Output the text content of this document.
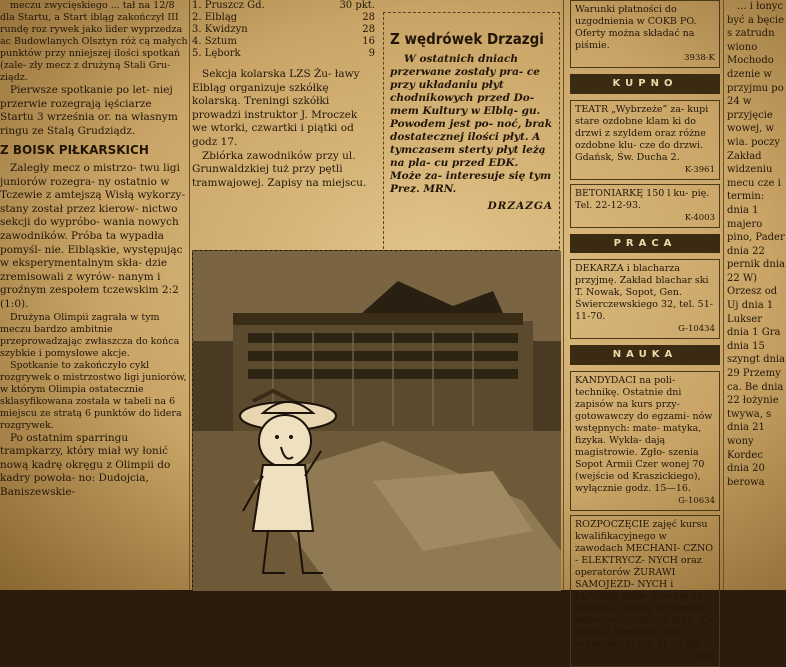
meczu zwycięskiego ... tał na 12/8 dla Startu, a Start ibląg zakończył III rundę roz rywek jako lider wyprzedza ac Budowlanych Olsztyn róż cą małych punktów przy nniejszej ilości spotkań (zale- zły mecz z drużyną Stali Gru- ziądz.

Pierwsze spotkanie po let- niej przerwie rozegrają ięściarze Startu 3 września or. na własnym ringu ze Stalą Grudziądz.

Z BOISK PIŁKARSKICH

Zaległy mecz o mistrzo- twu ligi juniorów rozegra- ny ostatnio w Tczewie z amtejszą Wisłą wykorzy- stany został przez kierow- nictwo sekcji do wypróbo- wania nowych zawodników. Próba ta wypadła pomyśl- nie. Elbląskie, występując w eksperymentalnym skła- dzie zremisowali z wyrów- nanym i groźnym zespołem tczewskim 2:2 (1:0).

Drużyna Olimpii zagrała w tym meczu bardzo ambitnie przeprowadzając zwłaszcza do końca szybkie i pomysłowe akcje.

Spotkanie to zakończyło cykl rozgrywek o mistrzostwo ligi juniorów, w którym Olimpia ostatecznie sklasyfikowana została w tabeli na 6 miejscu ze stratą 6 punktów do lidera rozgrywek.

Po ostatnim sparringu trampkarzy, który miał wy łonić nową kadrę okręgu z Olimpii do kadry powoła- no: Dudojcia, Baniszewskie-

1. Pruszcz Gd.	30 pkt.
2. Elbląg	28
3. Kwidzyn	28
4. Sztum	16
5. Lębork	9

Sekcja kolarska LZS Żu- ławy Elbląg organizuje szkółkę kolarską. Treningi szkółki prowadzi instruktor J. Mroczek we wtorki, czwartki i piątki od godz 17.

Zbiórka zawodników przy ul. Grunwaldzkiej tuż przy pętli tramwajowej. Zapisy na miejscu.

Z wędrówek Drzazgi

W ostatnich dniach przerwane zostały pra- ce przy układaniu płyt chodnikowych przed Do- mem Kultury w Elblą- gu. Powodem jest po- noć, brak dostatecznej ilości płyt. A tymczasem sterty płyt leżą na pla- cu przed EDK. Może za- interesuje się tym Prez. MRN.

DRZAZGA
Warunki płatności do uzgodnienia w COKB PO. Oferty można składać na piśmie.
3938-K
KUPNO
TEATR „Wybrzeże” za- kupi stare ozdobne klam ki do drzwi z szyldem oraz różne ozdobne klu- cze do drzwi. Gdańsk, Św. Ducha 2.
K-3961
BETONIARKĘ 150 l ku- pię. Tel. 22-12-93.
K-4003
PRACA
DEKARZA i blacharza przyjmę. Zakład blachar ski T. Nowak, Sopot, Gen. Świerczewskiego 32, tel. 51-11-70.
G-10434
NAUKA
KANDYDACI na poli- technikę. Ostatnie dni zapisów na kurs przy- gotowawczy do egzami- nów wstępnych: mate- matyka, fizyka. Wykła- dają magistrowie. Zgło- szenia Sopot Armii Czer wonej 70 (wejście od Kraszickiego), wyłącznie godz. 15—16.
G-10634
ROZPOCZĘCIE zajęć kursu kwalifikacyjnego w zawodach MECHANI- CZNO - ELEKTRYCZ- NYCH oraz operatorów ŻURAWI SAMOJEZD- NYCH i SUWNIC odbę- dzie się 15 czerwca. Zapisy przyjmuje i infor- macji udziela WZS „O- światа” Wrzeszcz, Wa- ryńskiego 4, tel. 41-21-82.
K-3900

... i łonyc być a bęcie s zatrudn wiono Mochodo dzenie w przyjmu po 24 w przyjęcie wowej, w wia. poczy Zakład widzeniu mecu cze i termin: dnia 1 majero pino, Pader dnia 22 pernik dnia 22 W) Orzesz od Uj dnia 1 Lukser dnia 1 Gra dnia 15 szyngt dnia 29 Przemy ca. Be dnia 22 łożynie twywa, s dnia 21 wony Kordec dnia 20 berowa
